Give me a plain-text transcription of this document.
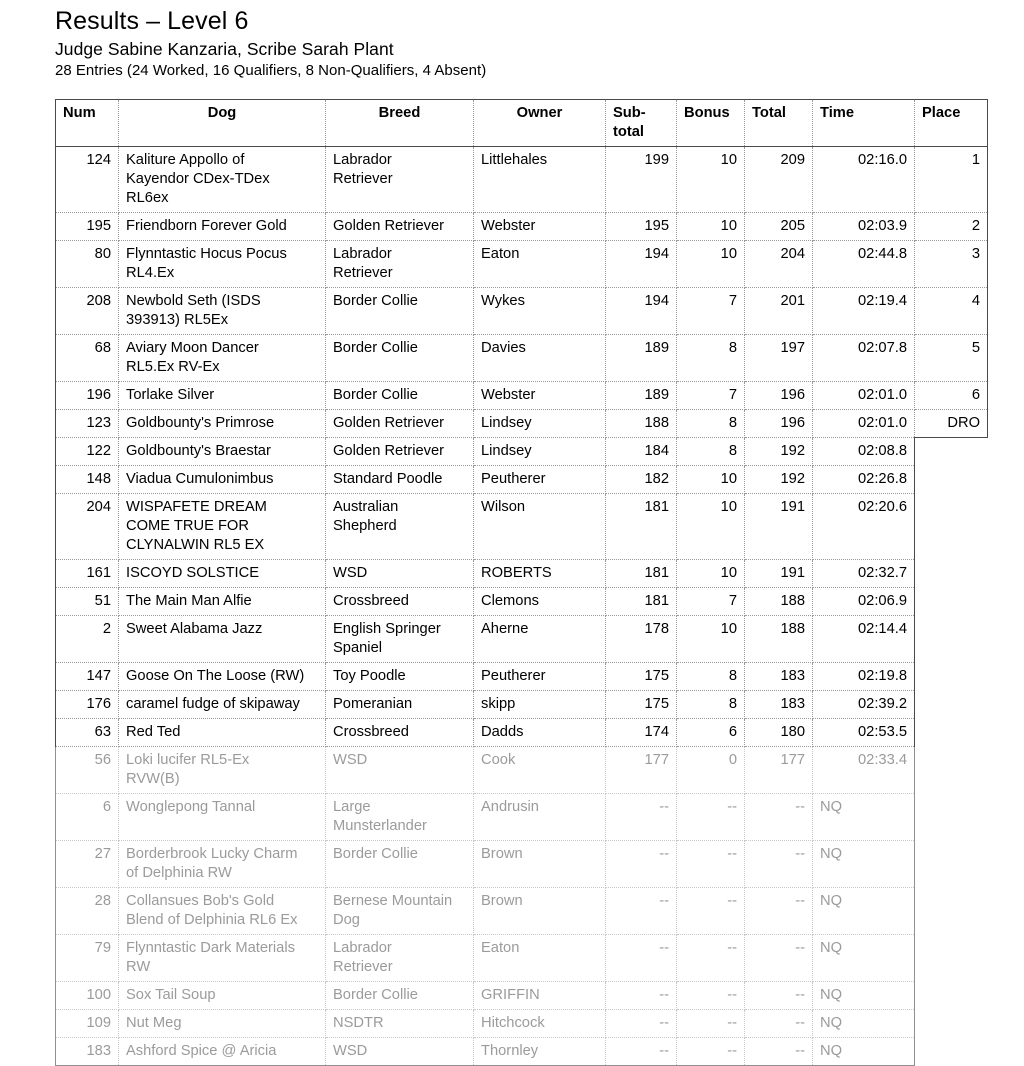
Results – Level 6
Judge Sabine Kanzaria, Scribe Sarah Plant
28 Entries (24 Worked, 16 Qualifiers, 8 Non-Qualifiers, 4 Absent)
Num	Dog	Breed	Owner	Sub-
total	Bonus	Total	Time	Place
124	Kaliture Appollo of
Kayendor CDex-TDex
RL6ex	Labrador
Retriever	Littlehales	199	10	209	02:16.0	1
195	Friendborn Forever Gold	Golden Retriever	Webster	195	10	205	02:03.9	2
80	Flynntastic Hocus Pocus
RL4.Ex	Labrador
Retriever	Eaton	194	10	204	02:44.8	3
208	Newbold Seth (ISDS
393913) RL5Ex	Border Collie	Wykes	194	7	201	02:19.4	4
68	Aviary Moon Dancer
RL5.Ex RV-Ex	Border Collie	Davies	189	8	197	02:07.8	5
196	Torlake Silver	Border Collie	Webster	189	7	196	02:01.0	6
123	Goldbounty's Primrose	Golden Retriever	Lindsey	188	8	196	02:01.0	DRO
122	Goldbounty's Braestar	Golden Retriever	Lindsey	184	8	192	02:08.8	
148	Viadua Cumulonimbus	Standard Poodle	Peutherer	182	10	192	02:26.8	
204	WISPAFETE DREAM
COME TRUE FOR
CLYNALWIN RL5 EX	Australian
Shepherd	Wilson	181	10	191	02:20.6	
161	ISCOYD SOLSTICE	WSD	ROBERTS	181	10	191	02:32.7	
51	The Main Man Alfie	Crossbreed	Clemons	181	7	188	02:06.9	
2	Sweet Alabama Jazz	English Springer
Spaniel	Aherne	178	10	188	02:14.4	
147	Goose On The Loose (RW)	Toy Poodle	Peutherer	175	8	183	02:19.8	
176	caramel fudge of skipaway	Pomeranian	skipp	175	8	183	02:39.2	
63	Red Ted	Crossbreed	Dadds	174	6	180	02:53.5	
56	Loki lucifer RL5-Ex
RVW(B)	WSD	Cook	177	0	177	02:33.4	
6	Wonglepong Tannal	Large
Munsterlander	Andrusin	--	--	--	NQ	
27	Borderbrook Lucky Charm
of Delphinia RW	Border Collie	Brown	--	--	--	NQ	
28	Collansues Bob's Gold
Blend of Delphinia RL6 Ex	Bernese Mountain
Dog	Brown	--	--	--	NQ	
79	Flynntastic Dark Materials
RW	Labrador
Retriever	Eaton	--	--	--	NQ	
100	Sox Tail Soup	Border Collie	GRIFFIN	--	--	--	NQ	
109	Nut Meg	NSDTR	Hitchcock	--	--	--	NQ	
183	Ashford Spice @ Aricia	WSD	Thornley	--	--	--	NQ	
